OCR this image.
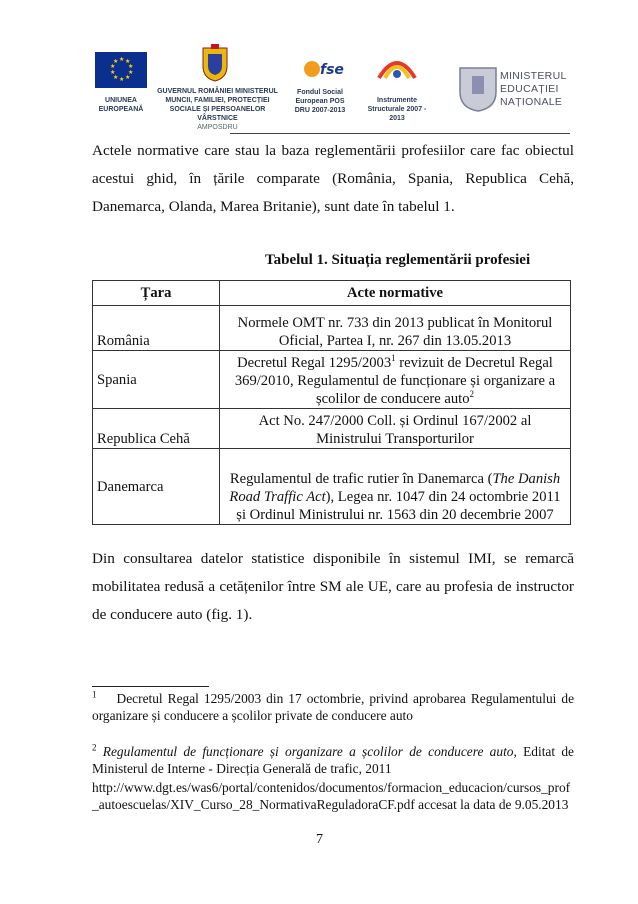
★ ★
★
★
★
★
★
★
★
★
UNIUNEA EUROPEANĂ
GUVERNUL ROMÂNIEI MINISTERUL MUNCII, FAMILIEI, PROTECȚIEI SOCIALE ȘI PERSOANELOR VÂRSTNICE
AMPOSDRU
fse
Fondul Social European POS DRU 2007-2013
Instrumente Structurale 2007 - 2013
MINISTERUL EDUCAȚIEI NAȚIONALE
Actele normative care stau la baza reglementării profesiilor care fac obiectul acestui ghid, în țările comparate (România, Spania, Republica Cehă, Danemarca, Olanda, Marea Britanie), sunt date în tabelul 1.
Tabelul 1. Situația reglementării profesiei
Țara	Acte normative
România	Normele OMT nr. 733 din 2013 publicat în Monitorul Oficial, Partea I, nr. 267 din 13.05.2013
Spania	Decretul Regal 1295/2003$^1$ revizuit de Decretul Regal 369/2010, Regulamentul de funcționare și organizare a școlilor de conducere auto$^2$
Republica Cehă	Act No. 247/2000 Coll. și Ordinul 167/2002 al Ministrului Transporturilor
Danemarca	Regulamentul de trafic rutier în Danemarca (The Danish Road Traffic Act), Legea nr. 1047 din 24 octombrie 2011 și Ordinul Ministrului nr. 1563 din 20 decembrie 2007
Din consultarea datelor statistice disponibile în sistemul IMI, se remarcă mobilitatea redusă a cetățenilor între SM ale UE, care au profesia de instructor de conducere auto (fig. 1).
$^1$ Decretul Regal 1295/2003 din 17 octombrie, privind aprobarea Regulamentului de organizare și conducere a școlilor private de conducere auto
$^2$ Regulamentul de funcționare și organizare a școlilor de conducere auto, Editat de Ministerul de Interne - Direcția Generală de trafic, 2011
http://www.dgt.es/was6/portal/contenidos/documentos/formacion_educacion/cursos_prof_autoescuelas/XIV_Curso_28_NormativaReguladoraCF.pdf accesat la data de 9.05.2013
7
